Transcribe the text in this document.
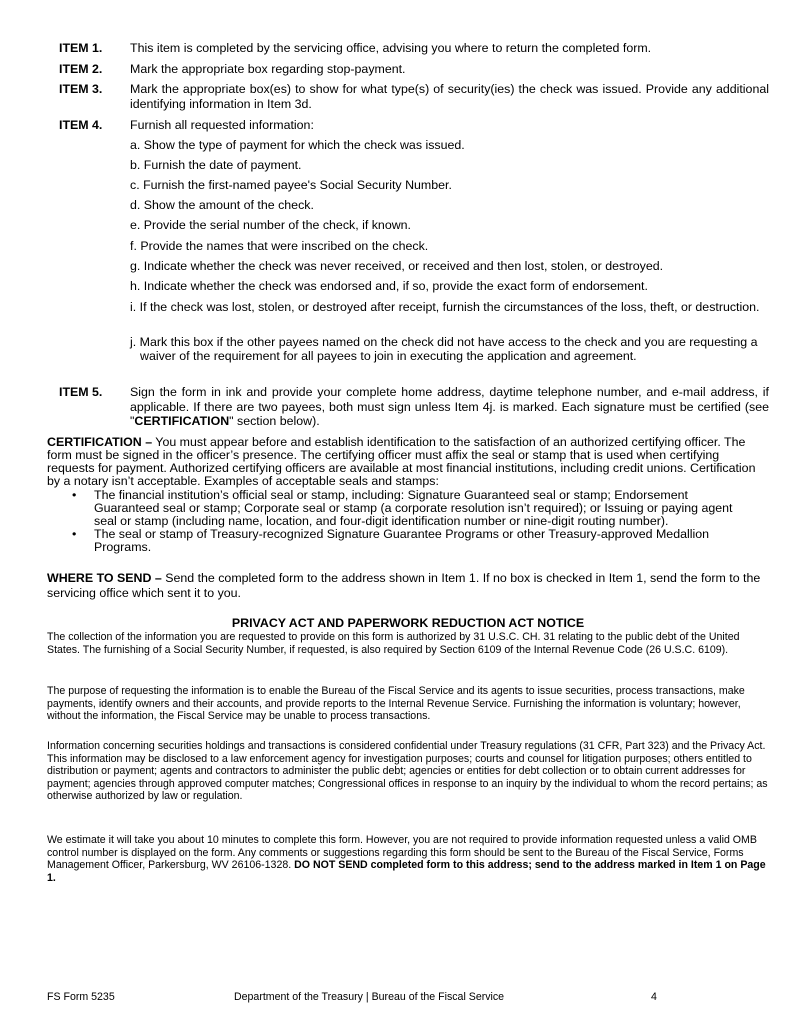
ITEM 1. This item is completed by the servicing office, advising you where to return the completed form.
ITEM 2. Mark the appropriate box regarding stop-payment.
ITEM 3. Mark the appropriate box(es) to show for what type(s) of security(ies) the check was issued. Provide any additional identifying information in Item 3d.
ITEM 4. Furnish all requested information:
a. Show the type of payment for which the check was issued.
b. Furnish the date of payment.
c. Furnish the first-named payee's Social Security Number.
d. Show the amount of the check.
e. Provide the serial number of the check, if known.
f. Provide the names that were inscribed on the check.
g. Indicate whether the check was never received, or received and then lost, stolen, or destroyed.
h. Indicate whether the check was endorsed and, if so, provide the exact form of endorsement.
i. If the check was lost, stolen, or destroyed after receipt, furnish the circumstances of the loss, theft, or destruction.
j. Mark this box if the other payees named on the check did not have access to the check and you are requesting a waiver of the requirement for all payees to join in executing the application and agreement.
ITEM 5. Sign the form in ink and provide your complete home address, daytime telephone number, and e-mail address, if applicable. If there are two payees, both must sign unless Item 4j. is marked. Each signature must be certified (see "CERTIFICATION" section below).
CERTIFICATION – You must appear before and establish identification to the satisfaction of an authorized certifying officer. The form must be signed in the officer’s presence. The certifying officer must affix the seal or stamp that is used when certifying requests for payment. Authorized certifying officers are available at most financial institutions, including credit unions. Certification by a notary isn’t acceptable. Examples of acceptable seals and stamps:
• The financial institution’s official seal or stamp, including: Signature Guaranteed seal or stamp; Endorsement Guaranteed seal or stamp; Corporate seal or stamp (a corporate resolution isn’t required); or Issuing or paying agent seal or stamp (including name, location, and four-digit identification number or nine-digit routing number).
• The seal or stamp of Treasury-recognized Signature Guarantee Programs or other Treasury-approved Medallion Programs.
WHERE TO SEND – Send the completed form to the address shown in Item 1. If no box is checked in Item 1, send the form to the servicing office which sent it to you.
PRIVACY ACT AND PAPERWORK REDUCTION ACT NOTICE
The collection of the information you are requested to provide on this form is authorized by 31 U.S.C. CH. 31 relating to the public debt of the United States. The furnishing of a Social Security Number, if requested, is also required by Section 6109 of the Internal Revenue Code (26 U.S.C. 6109).
The purpose of requesting the information is to enable the Bureau of the Fiscal Service and its agents to issue securities, process transactions, make payments, identify owners and their accounts, and provide reports to the Internal Revenue Service. Furnishing the information is voluntary; however, without the information, the Fiscal Service may be unable to process transactions.
Information concerning securities holdings and transactions is considered confidential under Treasury regulations (31 CFR, Part 323) and the Privacy Act. This information may be disclosed to a law enforcement agency for investigation purposes; courts and counsel for litigation purposes; others entitled to distribution or payment; agents and contractors to administer the public debt; agencies or entities for debt collection or to obtain current addresses for payment; agencies through approved computer matches; Congressional offices in response to an inquiry by the individual to whom the record pertains; as otherwise authorized by law or regulation.
We estimate it will take you about 10 minutes to complete this form. However, you are not required to provide information requested unless a valid OMB control number is displayed on the form. Any comments or suggestions regarding this form should be sent to the Bureau of the Fiscal Service, Forms Management Officer, Parkersburg, WV 26106-1328. DO NOT SEND completed form to this address; send to the address marked in Item 1 on Page 1.
FS Form 5235	Department of the Treasury | Bureau of the Fiscal Service	4
